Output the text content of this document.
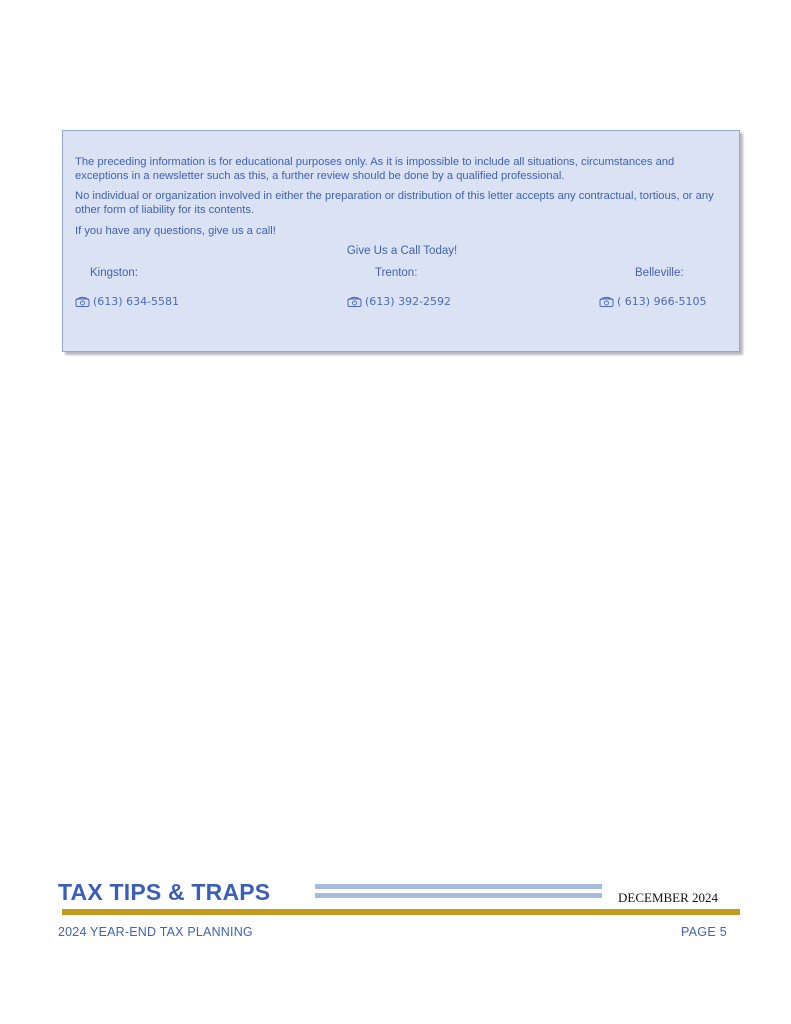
The preceding information is for educational purposes only. As it is impossible to include all situations, circumstances and exceptions in a newsletter such as this, a further review should be done by a qualified professional.

No individual or organization involved in either the preparation or distribution of this letter accepts any contractual, tortious, or any other form of liability for its contents.

If you have any questions, give us a call!

Give Us a Call Today!
Kingston:	Trenton:	Belleville:
(613) 634-5581	(613) 392-2592	( 613) 966-5105
TAX TIPS & TRAPS	DECEMBER 2024
2024 YEAR-END TAX PLANNING	PAGE 5
